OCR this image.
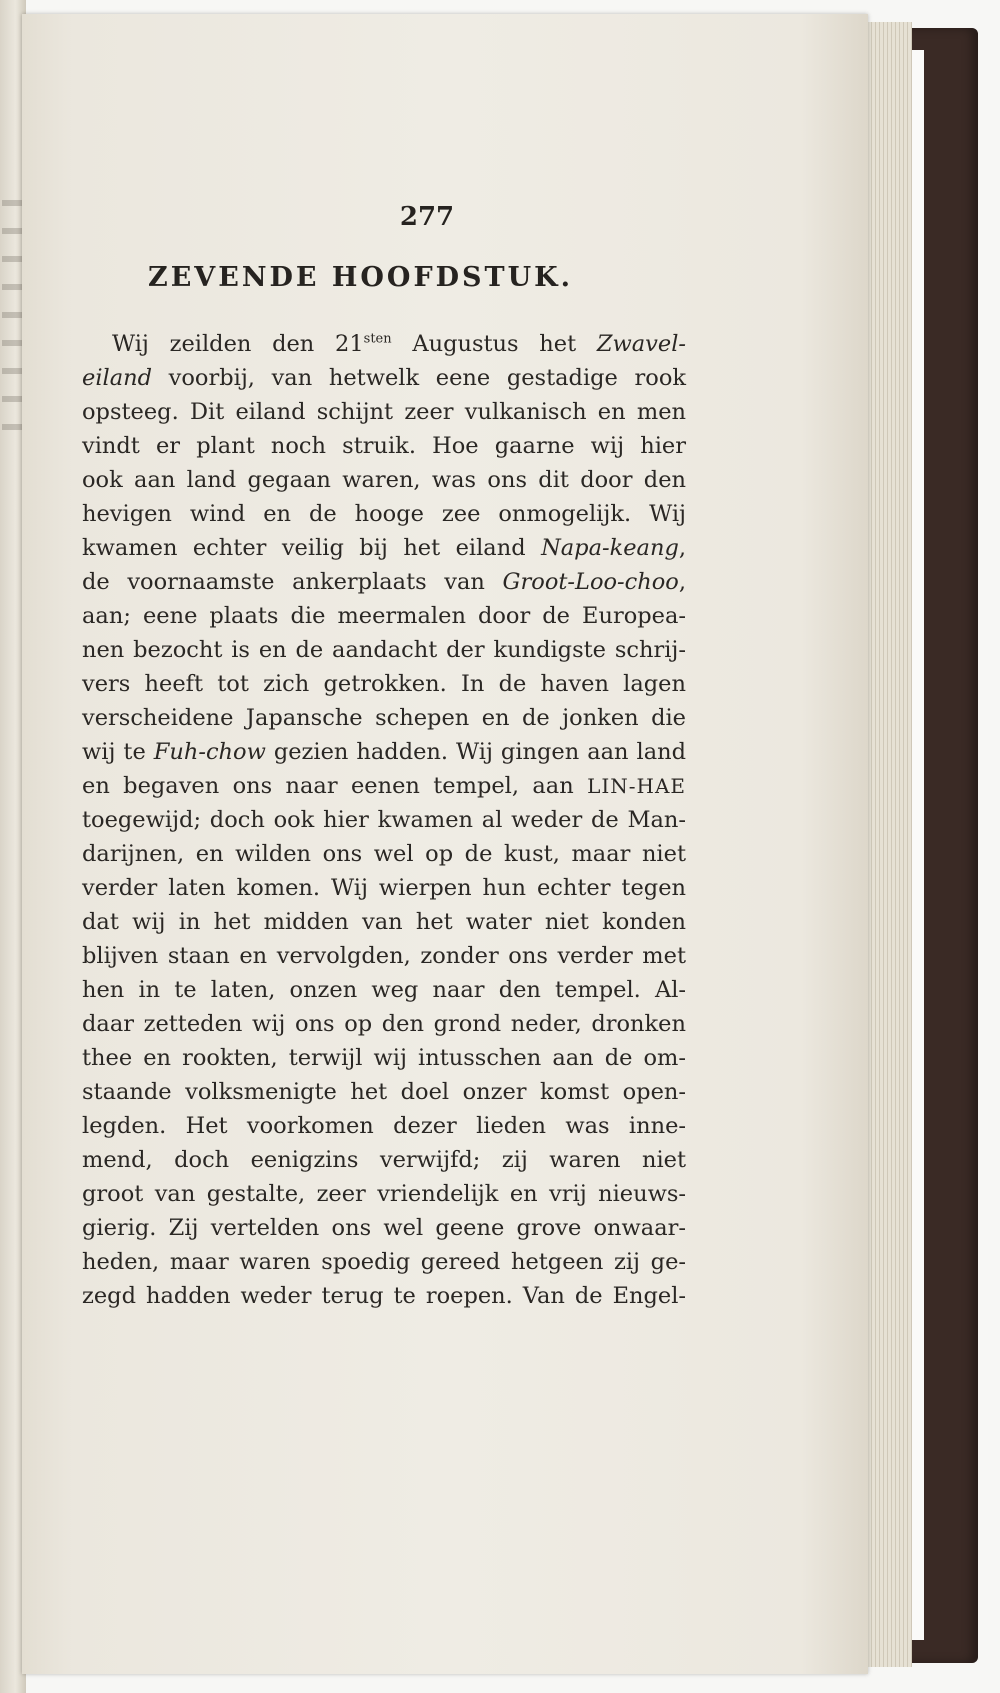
277
ZEVENDE HOOFDSTUK.
Wij zeilden den $21^{sten}$ Augustus het Zwavel-
eiland voorbij, van hetwelk eene gestadige rook
opsteeg. Dit eiland schijnt zeer vulkanisch en men
vindt er plant noch struik. Hoe gaarne wij hier
ook aan land gegaan waren, was ons dit door den
hevigen wind en de hooge zee onmogelijk. Wij
kwamen echter veilig bij het eiland Napa-keang,
de voornaamste ankerplaats van Groot-Loo-choo,
aan; eene plaats die meermalen door de Europea-
nen bezocht is en de aandacht der kundigste schrij-
vers heeft tot zich getrokken. In de haven lagen
verscheidene Japansche schepen en de jonken die
wij te Fuh-chow gezien hadden. Wij gingen aan land
en begaven ons naar eenen tempel, aan LIN-HAE
toegewijd; doch ook hier kwamen al weder de Man-
darijnen, en wilden ons wel op de kust, maar niet
verder laten komen. Wij wierpen hun echter tegen
dat wij in het midden van het water niet konden
blijven staan en vervolgden, zonder ons verder met
hen in te laten, onzen weg naar den tempel. Al-
daar zetteden wij ons op den grond neder, dronken
thee en rookten, terwijl wij intusschen aan de om-
staande volksmenigte het doel onzer komst open-
legden. Het voorkomen dezer lieden was inne-
mend, doch eenigzins verwijfd; zij waren niet
groot van gestalte, zeer vriendelijk en vrij nieuws-
gierig. Zij vertelden ons wel geene grove onwaar-
heden, maar waren spoedig gereed hetgeen zij ge-
zegd hadden weder terug te roepen. Van de Engel-
